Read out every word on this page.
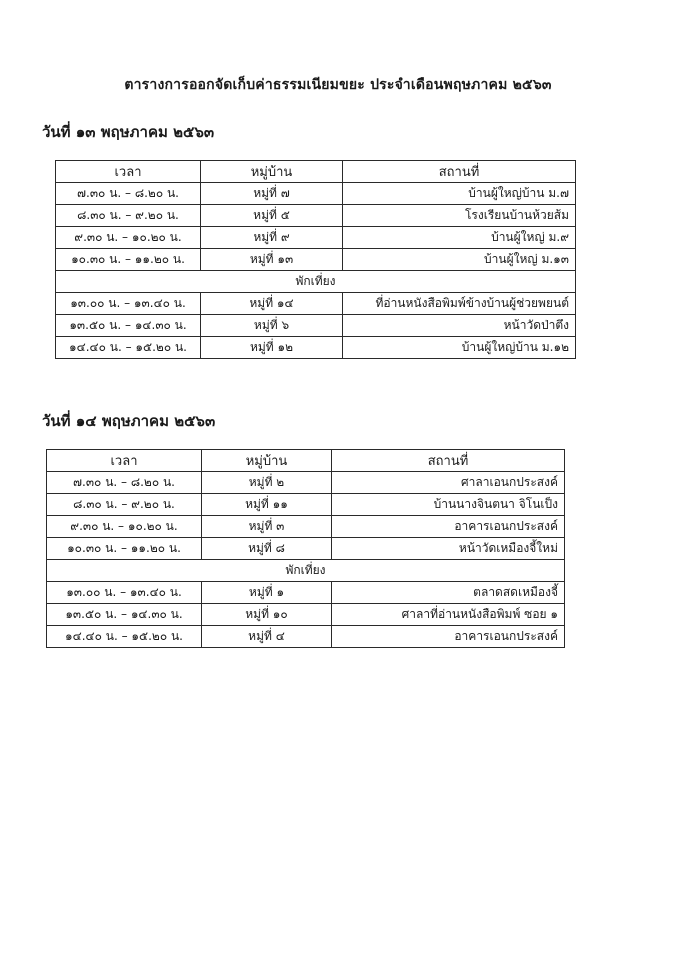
ตารางการออกจัดเก็บค่าธรรมเนียมขยะ ประจำเดือนพฤษภาคม ๒๕๖๓
วันที่ ๑๓ พฤษภาคม ๒๕๖๓
เวลา	หมู่บ้าน	สถานที่
๗.๓๐ น. – ๘.๒๐ น.	หมู่ที่ ๗	บ้านผู้ใหญ่บ้าน ม.๗
๘.๓๐ น. – ๙.๒๐ น.	หมู่ที่ ๕	โรงเรียนบ้านห้วยส้ม
๙.๓๐ น. – ๑๐.๒๐ น.	หมู่ที่ ๙	บ้านผู้ใหญ่ ม.๙
๑๐.๓๐ น. – ๑๑.๒๐ น.	หมู่ที่ ๑๓	บ้านผู้ใหญ่ ม.๑๓
พักเที่ยง		
๑๓.๐๐ น. – ๑๓.๔๐ น.	หมู่ที่ ๑๔	ที่อ่านหนังสือพิมพ์ข้างบ้านผู้ช่วยพยนต์
๑๓.๕๐ น. – ๑๔.๓๐ น.	หมู่ที่ ๖	หน้าวัดป่าตึง
๑๔.๔๐ น. – ๑๕.๒๐ น.	หมู่ที่ ๑๒	บ้านผู้ใหญ่บ้าน ม.๑๒
วันที่ ๑๔ พฤษภาคม ๒๕๖๓
เวลา	หมู่บ้าน	สถานที่
๗.๓๐ น. – ๘.๒๐ น.	หมู่ที่ ๒	ศาลาเอนกประสงค์
๘.๓๐ น. – ๙.๒๐ น.	หมู่ที่ ๑๑	บ้านนางจินตนา จิโนเป็ง
๙.๓๐ น. – ๑๐.๒๐ น.	หมู่ที่ ๓	อาคารเอนกประสงค์
๑๐.๓๐ น. – ๑๑.๒๐ น.	หมู่ที่ ๘	หน้าวัดเหมืองจี้ใหม่
พักเที่ยง		
๑๓.๐๐ น. – ๑๓.๔๐ น.	หมู่ที่ ๑	ตลาดสดเหมืองจี้
๑๓.๕๐ น. – ๑๔.๓๐ น.	หมู่ที่ ๑๐	ศาลาที่อ่านหนังสือพิมพ์ ซอย ๑
๑๔.๔๐ น. – ๑๕.๒๐ น.	หมู่ที่ ๔	อาคารเอนกประสงค์
